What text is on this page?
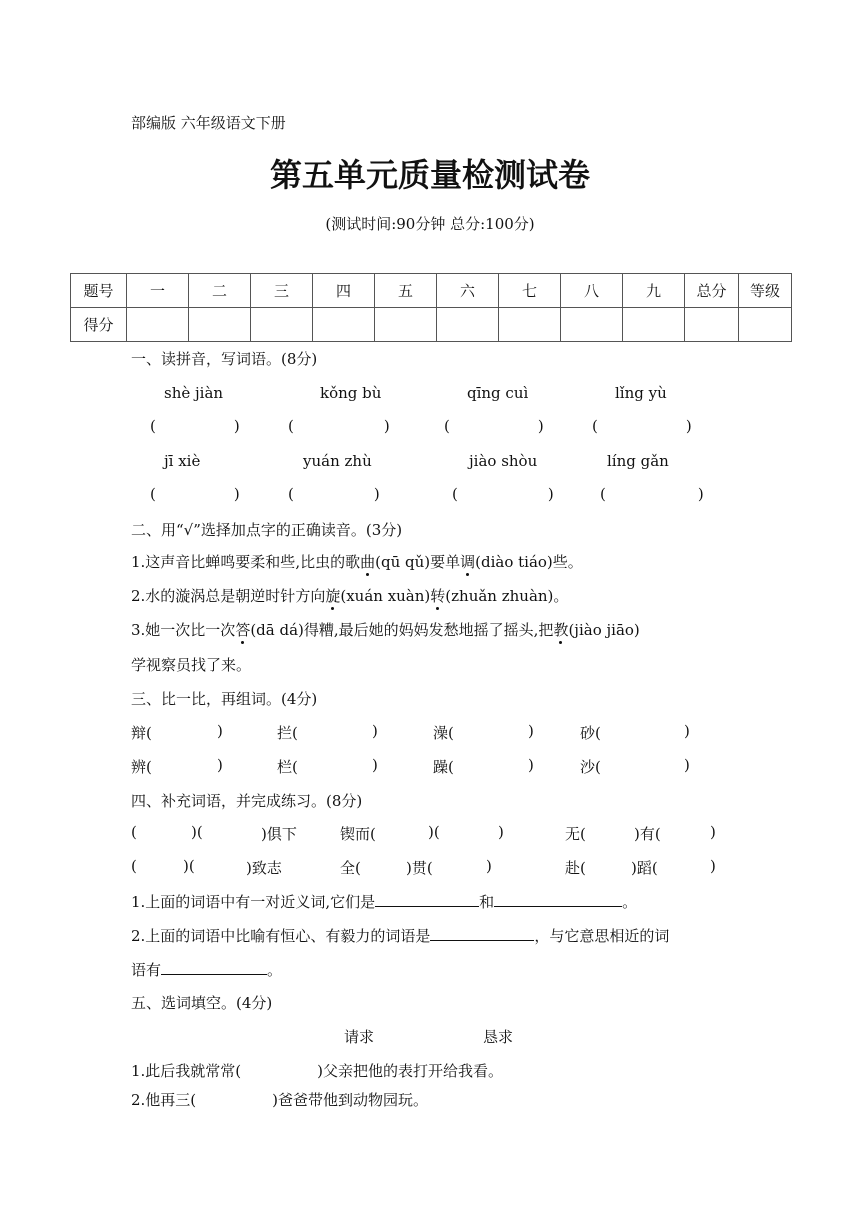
部编版 六年级语文下册
第五单元质量检测试卷
(测试时间:90分钟 总分:100分)
题号	一	二	三	四	五	六	七	八	九	总分	等级
得分											
一、读拼音，写词语。(8分)
shè jiàn	kǒng bù	qīng cuì	lǐng yù
(	)	(	)	(	)	(	)
jī xiè	yuán zhù	jiào shòu	líng gǎn
(	)	(	)	(	)	(	)
二、用“√”选择加点字的正确读音。(3分)
1.这声音比蝉鸣要柔和些,比虫的歌曲(qū qǔ)要单调(diào tiáo)些。
2.水的漩涡总是朝逆时针方向旋(xuán xuàn)转(zhuǎn zhuàn)。
3.她一次比一次答(dā dá)得糟,最后她的妈妈发愁地摇了摇头,把教(jiào jiāo)
学视察员找了来。
三、比一比，再组词。(4分)
辩(	)	拦(	)	澡(	)	砂(	)
辨(	)	栏(	)	躁(	)	沙(	)
四、补充词语，并完成练习。(8分)
(	)(	)俱下	锲而(	)(	)	无(	)有(	)
(	)(	)致志	全(	)贯(	)	赴(	)蹈(	)
1.上面的词语中有一对近义词,它们是	和	。
2.上面的词语中比喻有恒心、有毅力的词语是	，与它意思相近的词
语有	。
五、选词填空。(4分)
请求	恳求
1.此后我就常常(	)父亲把他的表打开给我看。
2.他再三(	)爸爸带他到动物园玩。
